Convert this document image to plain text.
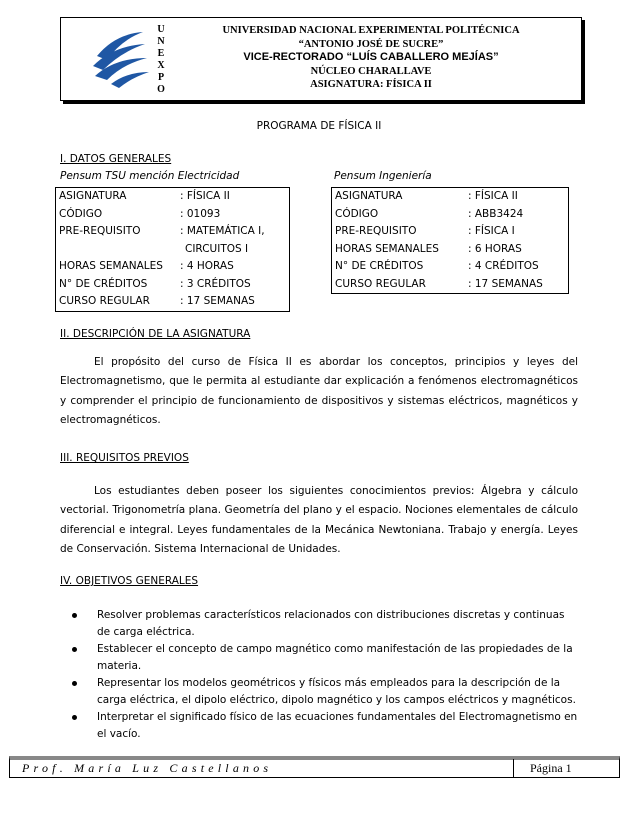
U
N
E
X
P
O
UNIVERSIDAD NACIONAL EXPERIMENTAL POLITÉCNICA
“ANTONIO JOSÉ DE SUCRE”
VICE-RECTORADO “LUÍS CABALLERO MEJÍAS”
NÚCLEO CHARALLAVE
ASIGNATURA: FÍSICA II
PROGRAMA DE FÍSICA II
I. DATOS GENERALES
Pensum TSU mención Electricidad	Pensum Ingeniería
ASIGNATURA	: FÍSICA II
CÓDIGO	: 01093
PRE-REQUISITO	: MATEMÁTICA I,
CIRCUITOS I
HORAS SEMANALES	: 4 HORAS
N° DE CRÉDITOS	: 3 CRÉDITOS
CURSO REGULAR	: 17 SEMANAS
ASIGNATURA	: FÍSICA II
CÓDIGO	: ABB3424
PRE-REQUISITO	: FÍSICA I
HORAS SEMANALES	: 6 HORAS
N° DE CRÉDITOS	: 4 CRÉDITOS
CURSO REGULAR	: 17 SEMANAS
II. DESCRIPCIÓN DE LA ASIGNATURA
El propósito del curso de Física II es abordar los conceptos, principios y leyes del Electromagnetismo, que le permita al estudiante dar explicación a fenómenos electromagnéticos y comprender el principio de funcionamiento de dispositivos y sistemas eléctricos, magnéticos y electromagnéticos.
III. REQUISITOS PREVIOS
Los estudiantes deben poseer los siguientes conocimientos previos: Álgebra y cálculo vectorial. Trigonometría plana. Geometría del plano y el espacio. Nociones elementales de cálculo diferencial e integral. Leyes fundamentales de la Mecánica Newtoniana. Trabajo y energía. Leyes de Conservación. Sistema Internacional de Unidades.
IV. OBJETIVOS GENERALES
Resolver problemas característicos relacionados con distribuciones discretas y continuas de carga eléctrica.
Establecer el concepto de campo magnético como manifestación de las propiedades de la materia.
Representar los modelos geométricos y físicos más empleados para la descripción de la carga eléctrica, el dipolo eléctrico, dipolo magnético y los campos eléctricos y magnéticos.
Interpretar el significado físico de las ecuaciones fundamentales del Electromagnetismo en el vacío.
Prof. María Luz Castellanos	Página 1
